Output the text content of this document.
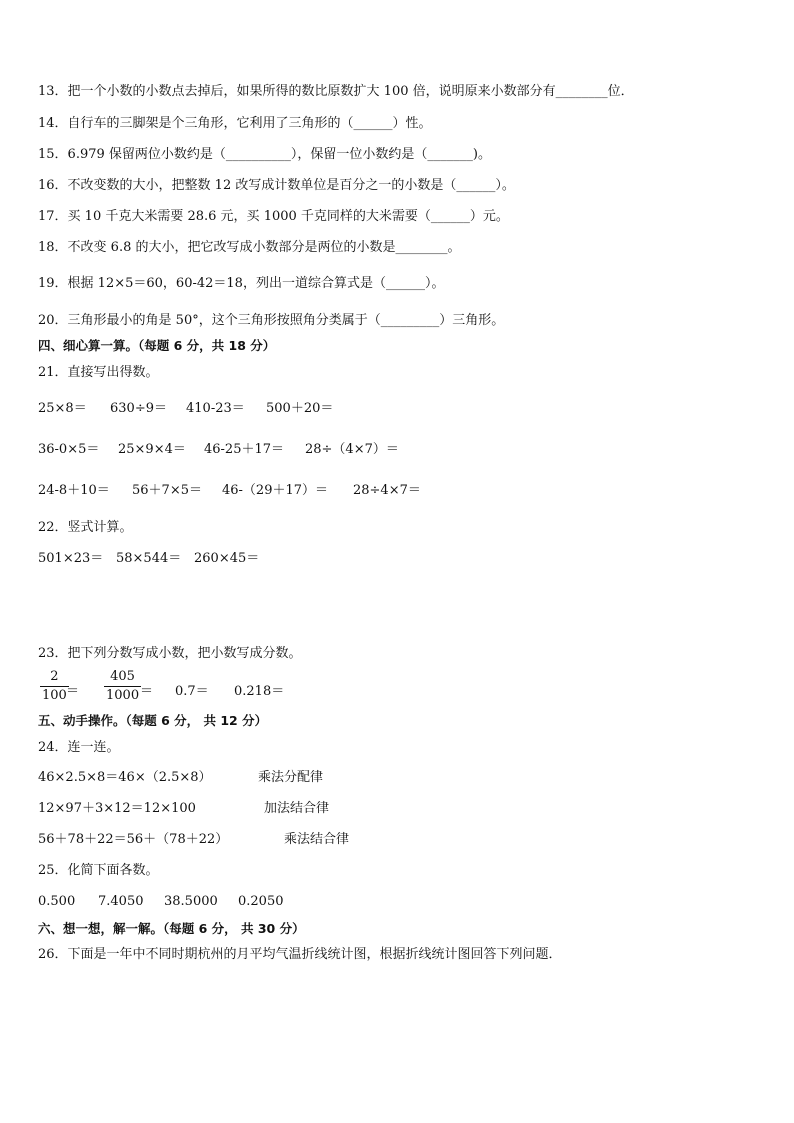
13．把一个小数的小数点去掉后，如果所得的数比原数扩大 100 倍，说明原来小数部分有________位．
14．自行车的三脚架是个三角形，它利用了三角形的（______）性。
15．6.979 保留两位小数约是（__________），保留一位小数约是（_______)。
16．不改变数的大小，把整数 12 改写成计数单位是百分之一的小数是（______）。
17．买 10 千克大米需要 28.6 元，买 1000 千克同样的大米需要（______）元。
18．不改变 6.8 的大小，把它改写成小数部分是两位的小数是________。
19．根据 12×5＝60，60-42＝18，列出一道综合算式是（______）。
20．三角形最小的角是 50°，这个三角形按照角分类属于（_________）三角形。
四、细心算一算。（每题 6 分，共 18 分）
21．直接写出得数。
25×8＝ 630÷9＝ 410-23＝ 500＋20＝
36-0×5＝ 25×9×4＝ 46-25＋17＝ 28÷（4×7）＝
24-8＋10＝ 56＋7×5＝ 46-（29＋17）＝ 28÷4×7＝
22．竖式计算。
501×23＝ 58×544＝ 260×45＝
23．把下列分数写成小数，把小数写成分数。
2
100 ＝
405
1000 ＝ 0.7＝ 0.218＝
五、动手操作。（每题 6 分， 共 12 分）
24．连一连。
46×2.5×8＝46×（2.5×8）	乘法分配律
12×97＋3×12＝12×100	加法结合律
56＋78＋22＝56＋（78＋22）	乘法结合律
25．化简下面各数。
0.500 7.4050 38.5000 0.2050
六、想一想，解一解。（每题 6 分， 共 30 分）
26．下面是一年中不同时期杭州的月平均气温折线统计图，根据折线统计图回答下列问题．
